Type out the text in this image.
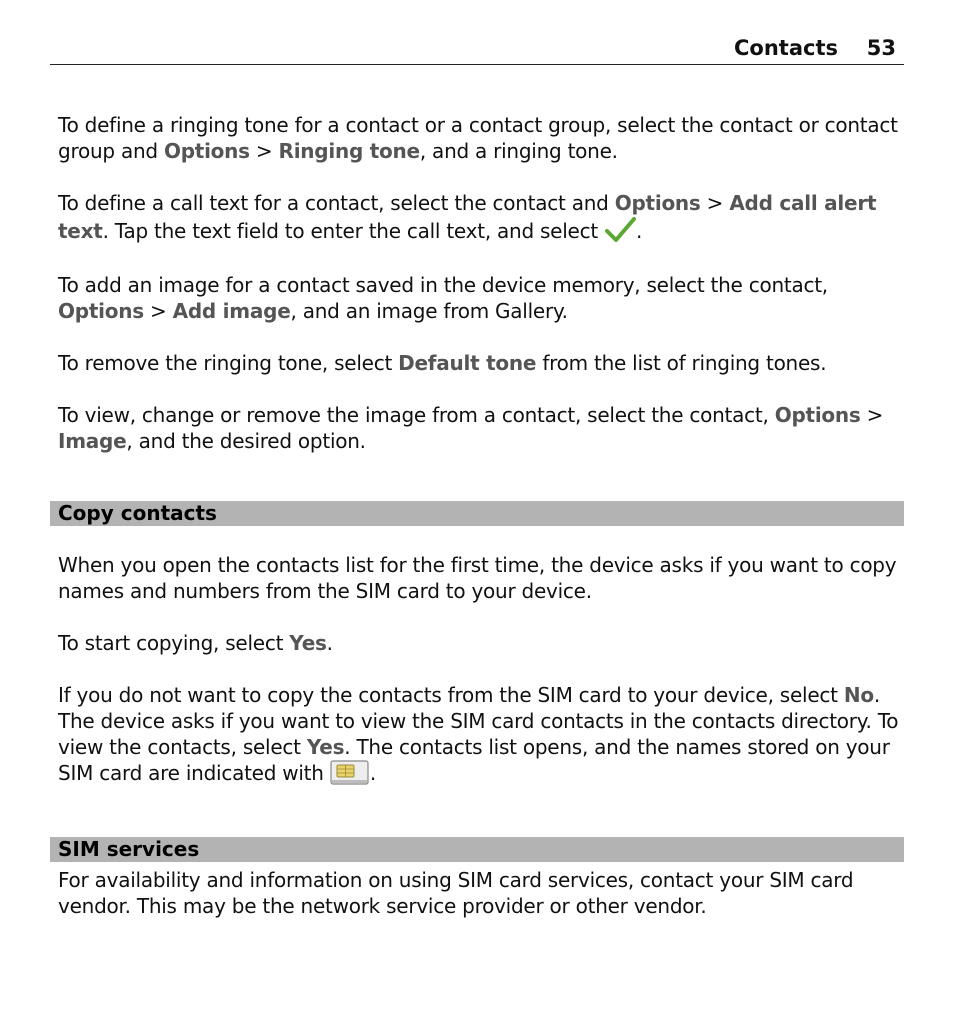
Contacts 53

To define a ringing tone for a contact or a contact group, select the contact or contact group and Options > Ringing tone, and a ringing tone.

To define a call text for a contact, select the contact and Options > Add call alert text. Tap the text field to enter the call text, and select .

To add an image for a contact saved in the device memory, select the contact, Options > Add image, and an image from Gallery.

To remove the ringing tone, select Default tone from the list of ringing tones.

To view, change or remove the image from a contact, select the contact, Options > Image, and the desired option.

Copy contacts

When you open the contacts list for the first time, the device asks if you want to copy names and numbers from the SIM card to your device.

To start copying, select Yes.

If you do not want to copy the contacts from the SIM card to your device, select No. The device asks if you want to view the SIM card contacts in the contacts directory. To view the contacts, select Yes. The contacts list opens, and the names stored on your SIM card are indicated with .

SIM services

For availability and information on using SIM card services, contact your SIM card vendor. This may be the network service provider or other vendor.
